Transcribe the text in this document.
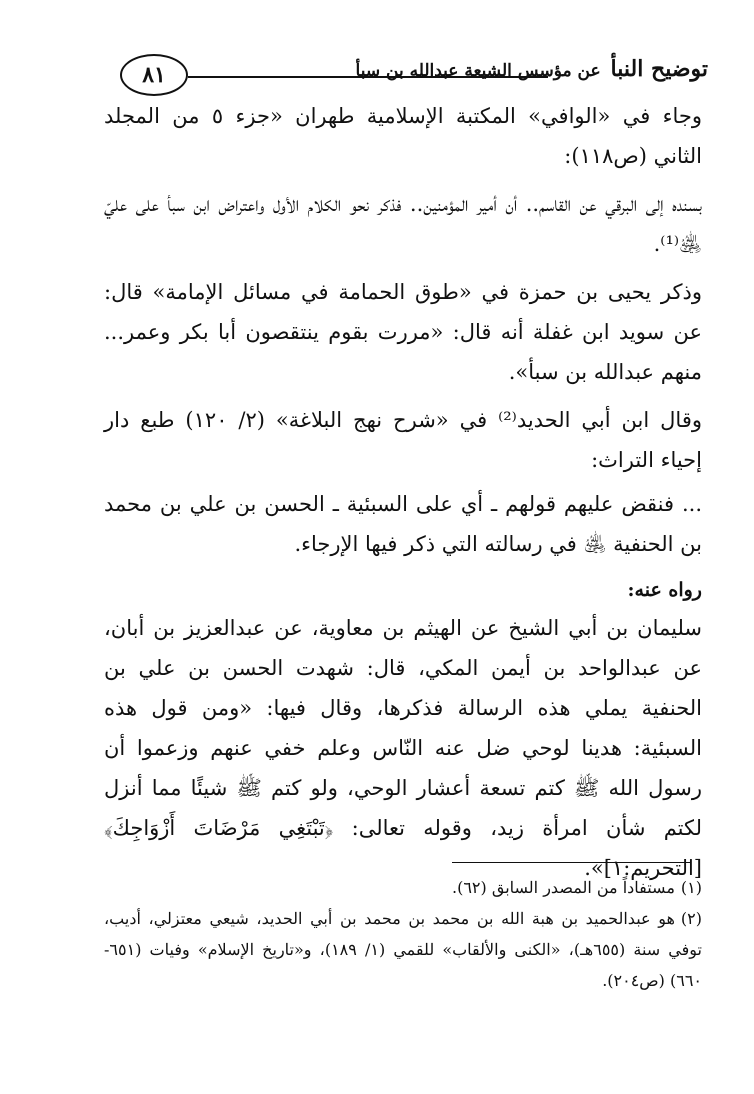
توضيح النبأ عن مؤسس الشيعة عبدالله بن سبأ
٨١

وجاء في «الوافي» المكتبة الإسلامية طهران «جزء ٥ من المجلد الثاني (ص١١٨):

بسنده إلى البرقي عن القاسم.. أن أمير المؤمنين.. فذكر نحو الكلام الأول واعتراض ابن سبأ على عليّ ﵁⁽¹⁾.

وذكر يحيى بن حمزة في «طوق الحمامة في مسائل الإمامة» قال: عن سويد ابن غفلة أنه قال: «مررت بقوم ينتقصون أبا بكر وعمر... منهم عبدالله بن سبأ».

وقال ابن أبي الحديد⁽²⁾ في «شرح نهج البلاغة» (٢/ ١٢٠) طبع دار إحياء التراث:

... فنقض عليهم قولهم ـ أي على السبئية ـ الحسن بن علي بن محمد بن الحنفية ﵁ في رسالته التي ذكر فيها الإرجاء.

رواه عنه:

سليمان بن أبي الشيخ عن الهيثم بن معاوية، عن عبدالعزيز بن أبان، عن عبدالواحد بن أيمن المكي، قال: شهدت الحسن بن علي بن الحنفية يملي هذه الرسالة فذكرها، وقال فيها: «ومن قول هذه السبئية: هدينا لوحي ضل عنه النّاس وعلم خفي عنهم وزعموا أن رسول الله ﷺ كتم تسعة أعشار الوحي، ولو كتم ﷺ شيئًا مما أنزل لكتم شأن امرأة زيد، وقوله تعالى: ﴿تَبْتَغِي مَرْضَاتَ أَزْوَاجِكَ﴾ [التحريم:١]».

(١)مستفاداً من المصدر السابق (٦٢).

(٢)هو عبدالحميد بن هبة الله بن محمد بن محمد بن أبي الحديد، شيعي معتزلي، أديب، توفي سنة (٦٥٥هـ)، «الكنى والألقاب» للقمي (١/ ١٨٩)، و«تاريخ الإسلام» وفيات (٦٥١- ٦٦٠) (ص٢٠٤).
